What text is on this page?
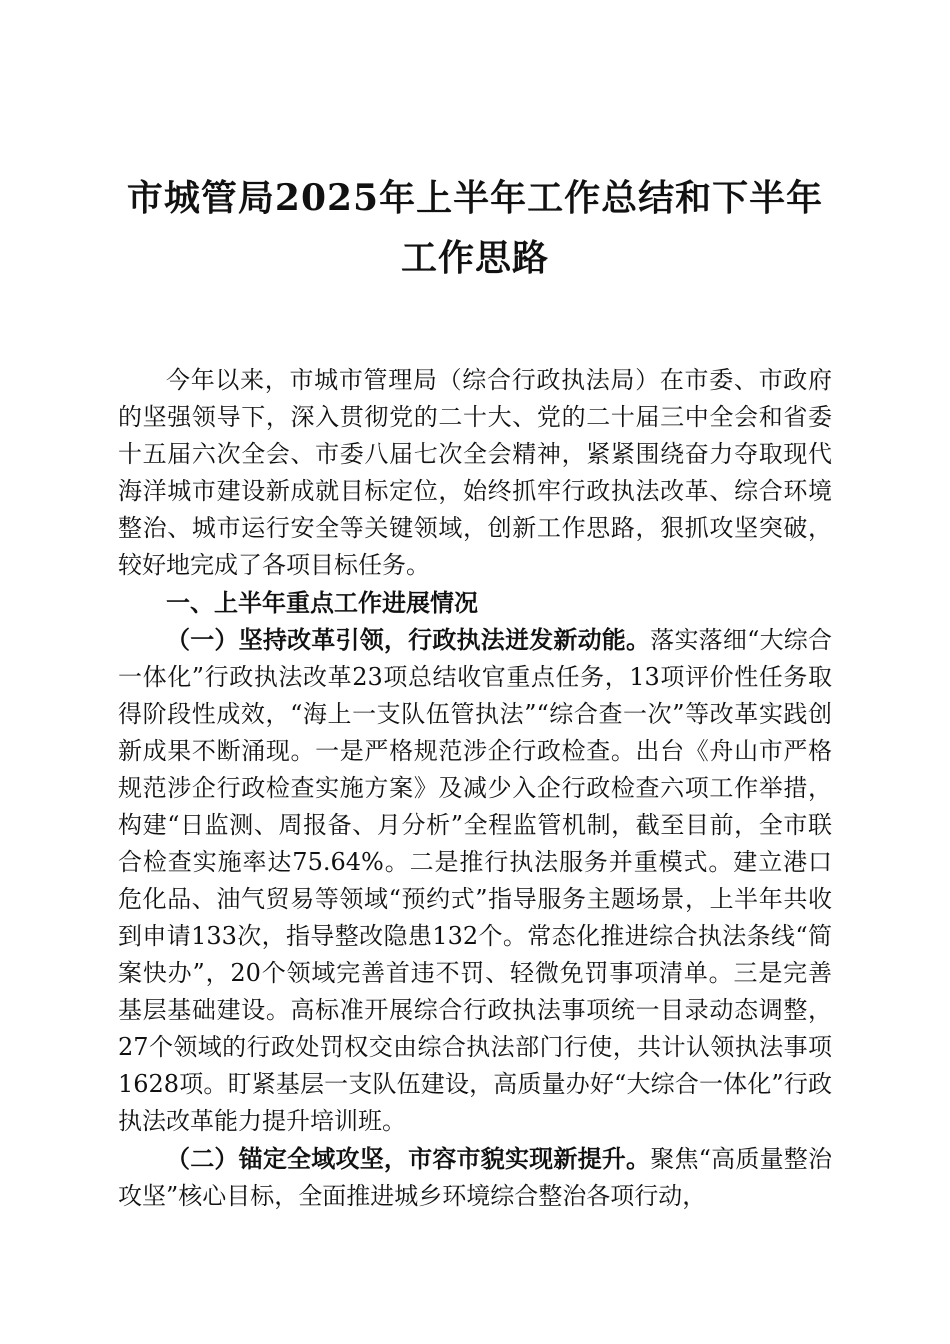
市城管局2025年上半年工作总结和下半年工作思路

今年以来，市城市管理局（综合行政执法局）在市委、市政府的坚强领导下，深入贯彻党的二十大、党的二十届三中全会和省委十五届六次全会、市委八届七次全会精神，紧紧围绕奋力夺取现代海洋城市建设新成就目标定位，始终抓牢行政执法改革、综合环境整治、城市运行安全等关键领域，创新工作思路，狠抓攻坚突破，较好地完成了各项目标任务。

一、上半年重点工作进展情况

（一）坚持改革引领，行政执法迸发新动能。落实落细“大综合一体化”行政执法改革23项总结收官重点任务，13项评价性任务取得阶段性成效，“海上一支队伍管执法”“综合查一次”等改革实践创新成果不断涌现。一是严格规范涉企行政检查。出台《舟山市严格规范涉企行政检查实施方案》及减少入企行政检查六项工作举措，构建“日监测、周报备、月分析”全程监管机制，截至目前，全市联合检查实施率达75.64%。二是推行执法服务并重模式。建立港口危化品、油气贸易等领域“预约式”指导服务主题场景，上半年共收到申请133次，指导整改隐患132个。常态化推进综合执法条线“简案快办”，20个领域完善首违不罚、轻微免罚事项清单。三是完善基层基础建设。高标准开展综合行政执法事项统一目录动态调整，27个领域的行政处罚权交由综合执法部门行使，共计认领执法事项1628项。盯紧基层一支队伍建设，高质量办好“大综合一体化”行政执法改革能力提升培训班。

（二）锚定全域攻坚，市容市貌实现新提升。聚焦“高质量整治攻坚”核心目标，全面推进城乡环境综合整治各项行动，
